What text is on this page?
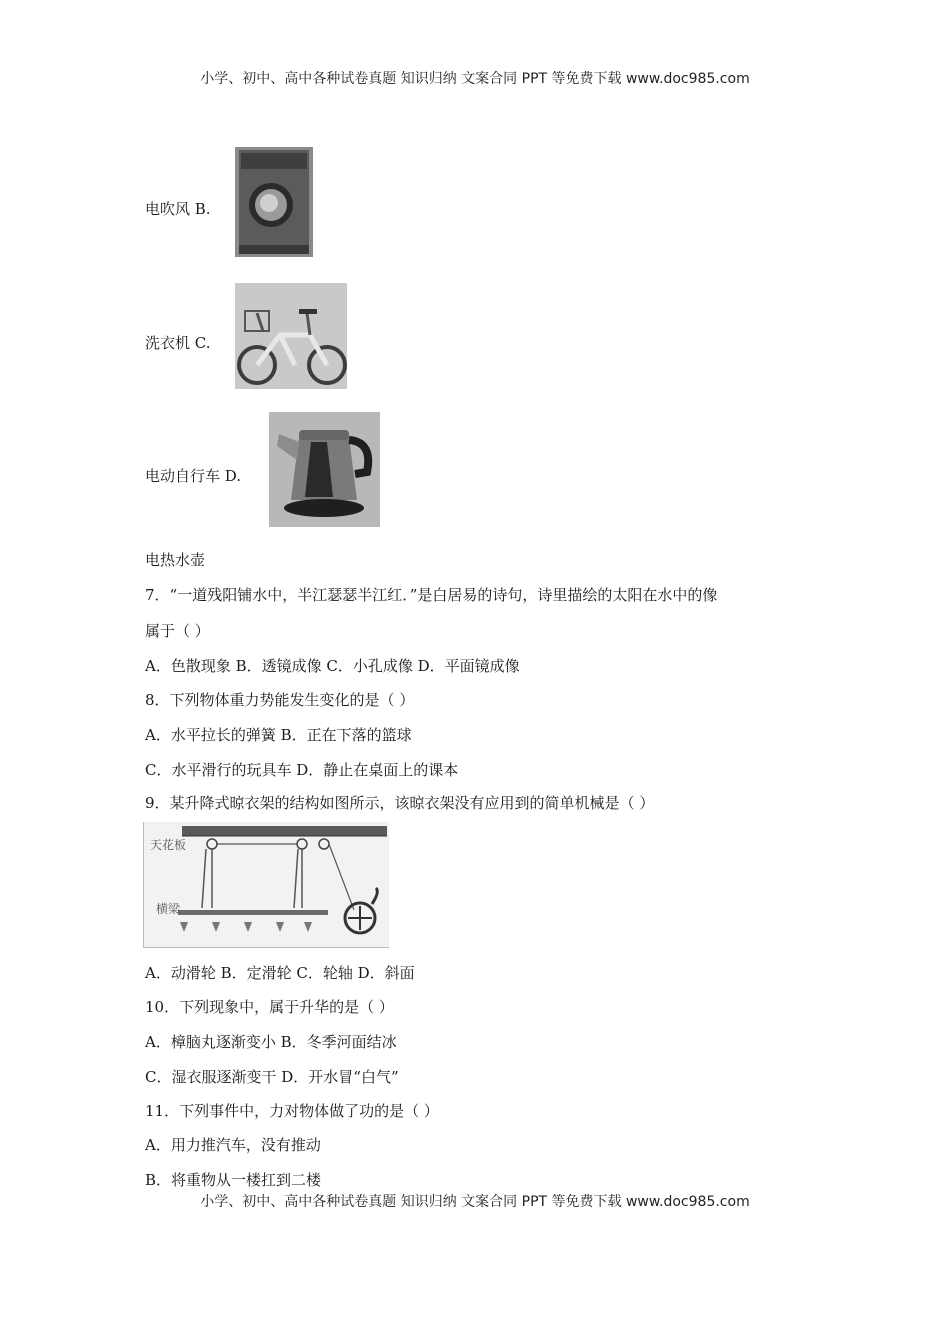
小学、初中、高中各种试卷真题 知识归纳 文案合同 PPT 等免费下载 www.doc985.com
电吹风 B.
洗衣机 C.
电动自行车 D.
电热水壶
7．“一道残阳铺水中，半江瑟瑟半江红．”是白居易的诗句，诗里描绘的太阳在水中的像
属于（ ）
A．色散现象 B．透镜成像 C．小孔成像 D．平面镜成像
8．下列物体重力势能发生变化的是（ ）
A．水平拉长的弹簧 B．正在下落的篮球
C．水平滑行的玩具车 D．静止在桌面上的课本
9．某升降式晾衣架的结构如图所示，该晾衣架没有应用到的简单机械是（ ）
天花板
横梁
A．动滑轮 B．定滑轮 C．轮轴 D．斜面
10．下列现象中，属于升华的是（ ）
A．樟脑丸逐渐变小 B．冬季河面结冰
C．湿衣服逐渐变干 D．开水冒“白气”
11．下列事件中，力对物体做了功的是（ ）
A．用力推汽车，没有推动
B．将重物从一楼扛到二楼
小学、初中、高中各种试卷真题 知识归纳 文案合同 PPT 等免费下载 www.doc985.com
